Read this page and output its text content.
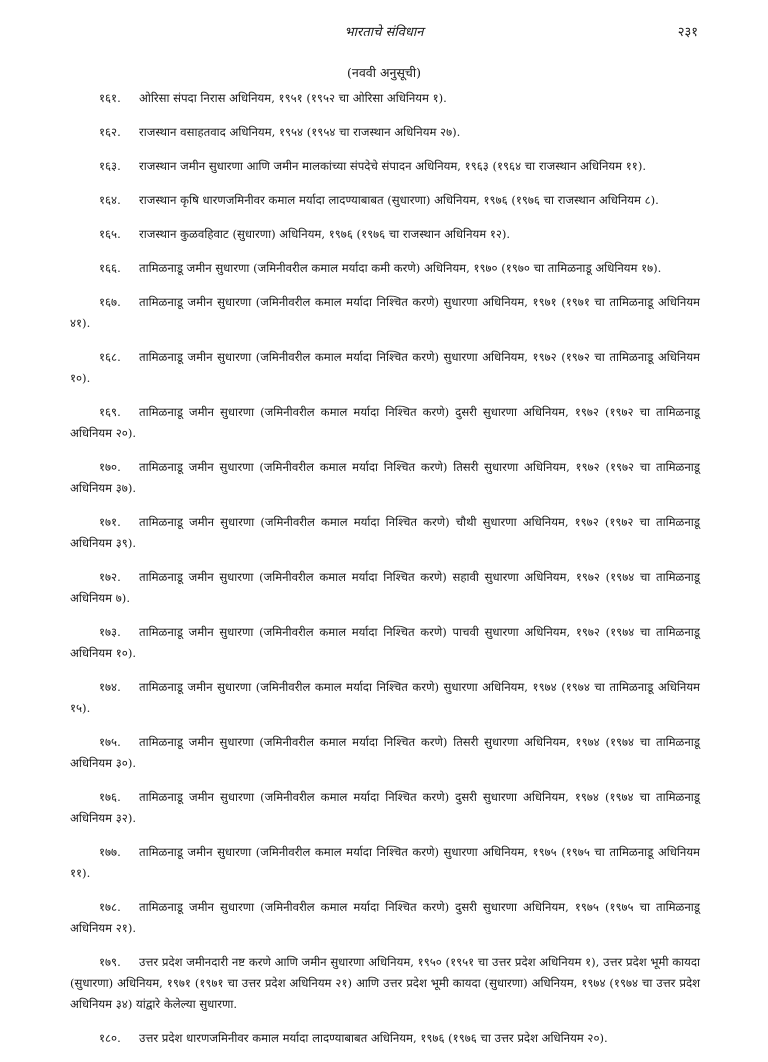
भारताचे संविधान	२३१
(नववी अनुसूची)

१६१. ओरिसा संपदा निरास अधिनियम, १९५१ (१९५२ चा ओरिसा अधिनियम १).

१६२. राजस्थान वसाहतवाद अधिनियम, १९५४ (१९५४ चा राजस्थान अधिनियम २७).

१६३. राजस्थान जमीन सुधारणा आणि जमीन मालकांच्या संपदेचे संपादन अधिनियम, १९६३ (१९६४ चा राजस्थान अधिनियम ११).

१६४. राजस्थान कृषि धारणजमिनीवर कमाल मर्यादा लादण्याबाबत (सुधारणा) अधिनियम, १९७६ (१९७६ चा राजस्थान अधिनियम ८).

१६५. राजस्थान कुळवहिवाट (सुधारणा) अधिनियम, १९७६ (१९७६ चा राजस्थान अधिनियम १२).

१६६. तामिळनाडू जमीन सुधारणा (जमिनीवरील कमाल मर्यादा कमी करणे) अधिनियम, १९७० (१९७० चा तामिळनाडू अधिनियम १७).

१६७. तामिळनाडू जमीन सुधारणा (जमिनीवरील कमाल मर्यादा निश्चित करणे) सुधारणा अधिनियम, १९७१ (१९७१ चा तामिळनाडू अधिनियम ४१).

१६८. तामिळनाडू जमीन सुधारणा (जमिनीवरील कमाल मर्यादा निश्चित करणे) सुधारणा अधिनियम, १९७२ (१९७२ चा तामिळनाडू अधिनियम १०).

१६९. तामिळनाडू जमीन सुधारणा (जमिनीवरील कमाल मर्यादा निश्चित करणे) दुसरी सुधारणा अधिनियम, १९७२ (१९७२ चा तामिळनाडू अधिनियम २०).

१७०. तामिळनाडू जमीन सुधारणा (जमिनीवरील कमाल मर्यादा निश्चित करणे) तिसरी सुधारणा अधिनियम, १९७२ (१९७२ चा तामिळनाडू अधिनियम ३७).

१७१. तामिळनाडू जमीन सुधारणा (जमिनीवरील कमाल मर्यादा निश्चित करणे) चौथी सुधारणा अधिनियम, १९७२ (१९७२ चा तामिळनाडू अधिनियम ३९).

१७२. तामिळनाडू जमीन सुधारणा (जमिनीवरील कमाल मर्यादा निश्चित करणे) सहावी सुधारणा अधिनियम, १९७२ (१९७४ चा तामिळनाडू अधिनियम ७).

१७३. तामिळनाडू जमीन सुधारणा (जमिनीवरील कमाल मर्यादा निश्चित करणे) पाचवी सुधारणा अधिनियम, १९७२ (१९७४ चा तामिळनाडू अधिनियम १०).

१७४. तामिळनाडू जमीन सुधारणा (जमिनीवरील कमाल मर्यादा निश्चित करणे) सुधारणा अधिनियम, १९७४ (१९७४ चा तामिळनाडू अधिनियम १५).

१७५. तामिळनाडू जमीन सुधारणा (जमिनीवरील कमाल मर्यादा निश्चित करणे) तिसरी सुधारणा अधिनियम, १९७४ (१९७४ चा तामिळनाडू अधिनियम ३०).

१७६. तामिळनाडू जमीन सुधारणा (जमिनीवरील कमाल मर्यादा निश्चित करणे) दुसरी सुधारणा अधिनियम, १९७४ (१९७४ चा तामिळनाडू अधिनियम ३२).

१७७. तामिळनाडू जमीन सुधारणा (जमिनीवरील कमाल मर्यादा निश्चित करणे) सुधारणा अधिनियम, १९७५ (१९७५ चा तामिळनाडू अधिनियम ११).

१७८. तामिळनाडू जमीन सुधारणा (जमिनीवरील कमाल मर्यादा निश्चित करणे) दुसरी सुधारणा अधिनियम, १९७५ (१९७५ चा तामिळनाडू अधिनियम २१).

१७९. उत्तर प्रदेश जमीनदारी नष्ट करणे आणि जमीन सुधारणा अधिनियम, १९५० (१९५१ चा उत्तर प्रदेश अधिनियम १), उत्तर प्रदेश भूमी कायदा (सुधारणा) अधिनियम, १९७१ (१९७१ चा उत्तर प्रदेश अधिनियम २१) आणि उत्तर प्रदेश भूमी कायदा (सुधारणा) अधिनियम, १९७४ (१९७४ चा उत्तर प्रदेश अधिनियम ३४) यांद्वारे केलेल्या सुधारणा.

१८०. उत्तर प्रदेश धारणजमिनीवर कमाल मर्यादा लादण्याबाबत अधिनियम, १९७६ (१९७६ चा उत्तर प्रदेश अधिनियम २०).
